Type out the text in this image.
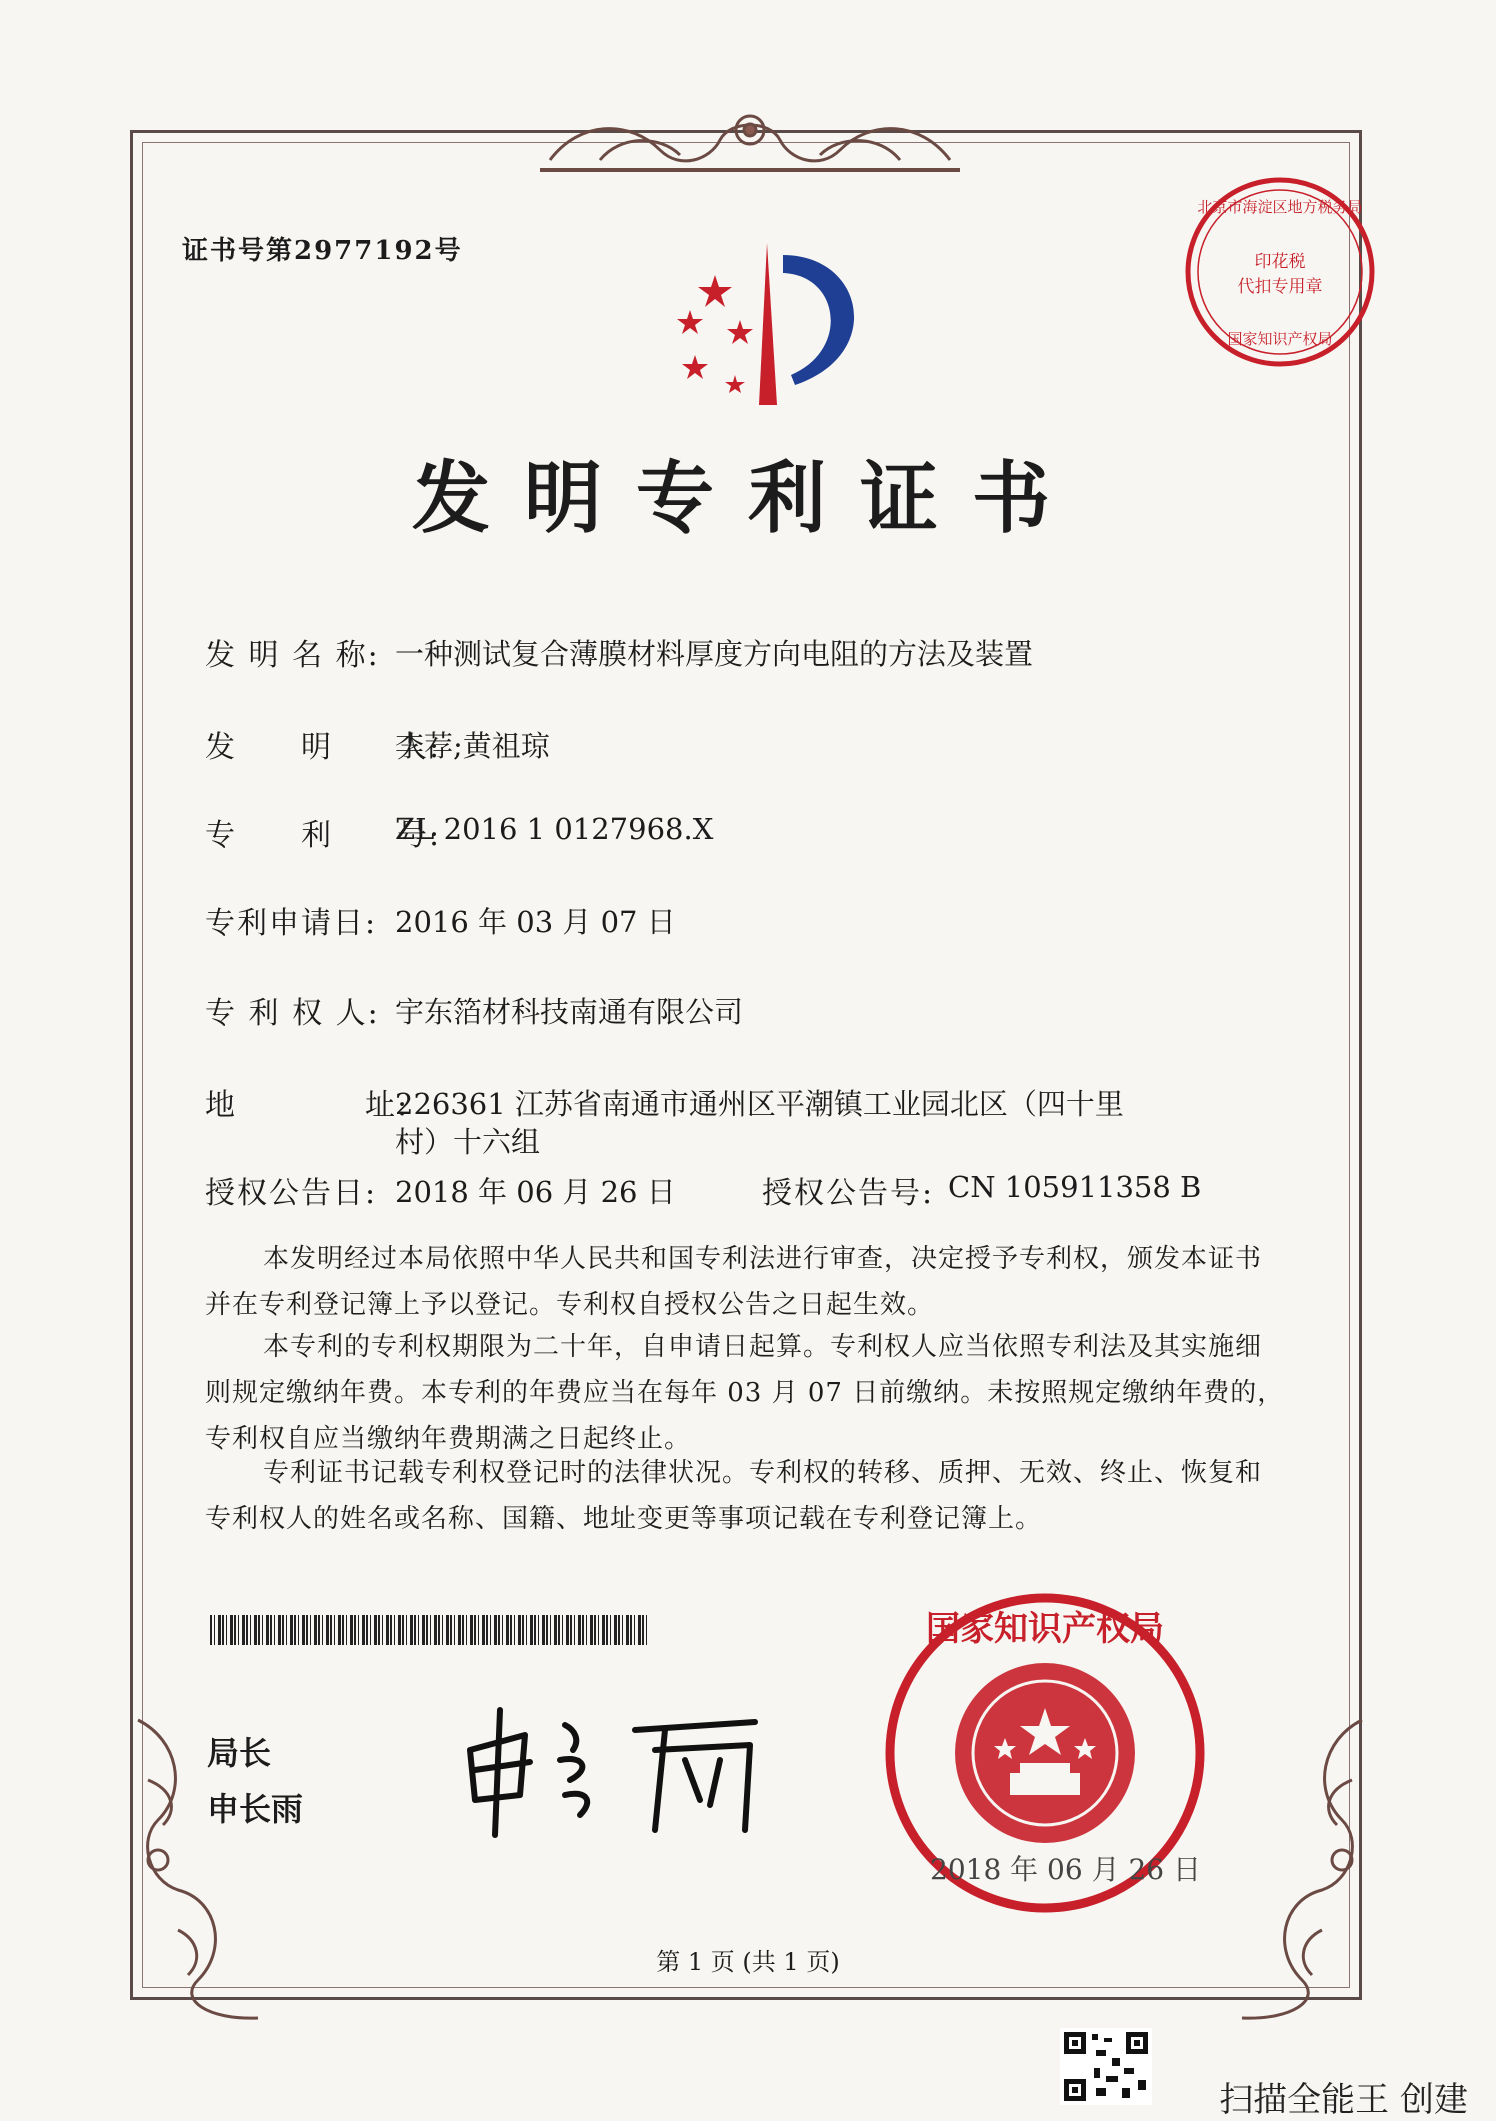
证书号第2977192号	印花税
代扣专用章
北京市海淀区地方税务局
国家知识产权局
发明专利证书
发 明 名 称: 一种测试复合薄膜材料厚度方向电阻的方法及装置
发　　明　　人:
李荐;黄祖琼
专　　利　　号:
ZL 2016 1 0127968.X
专利申请日: 2016 年 03 月 07 日
专 利 权 人: 宇东箔材科技南通有限公司
地　　　　址:
226361 江苏省南通市通州区平潮镇工业园北区（四十里
村）十六组
授权公告日: 2018 年 06 月 26 日	授权公告号: CN 105911358 B
本发明经过本局依照中华人民共和国专利法进行审查，决定授予专利权，颁发本证书并在专利登记簿上予以登记。专利权自授权公告之日起生效。
本专利的专利权期限为二十年，自申请日起算。专利权人应当依照专利法及其实施细则规定缴纳年费。本专利的年费应当在每年 03 月 07 日前缴纳。未按照规定缴纳年费的，专利权自应当缴纳年费期满之日起终止。
专利证书记载专利权登记时的法律状况。专利权的转移、质押、无效、终止、恢复和专利权人的姓名或名称、国籍、地址变更等事项记载在专利登记簿上。
局长
申长雨
国家知识产权局
2018 年 06 月 26 日
第 1 页 (共 1 页)
扫描全能王 创建
